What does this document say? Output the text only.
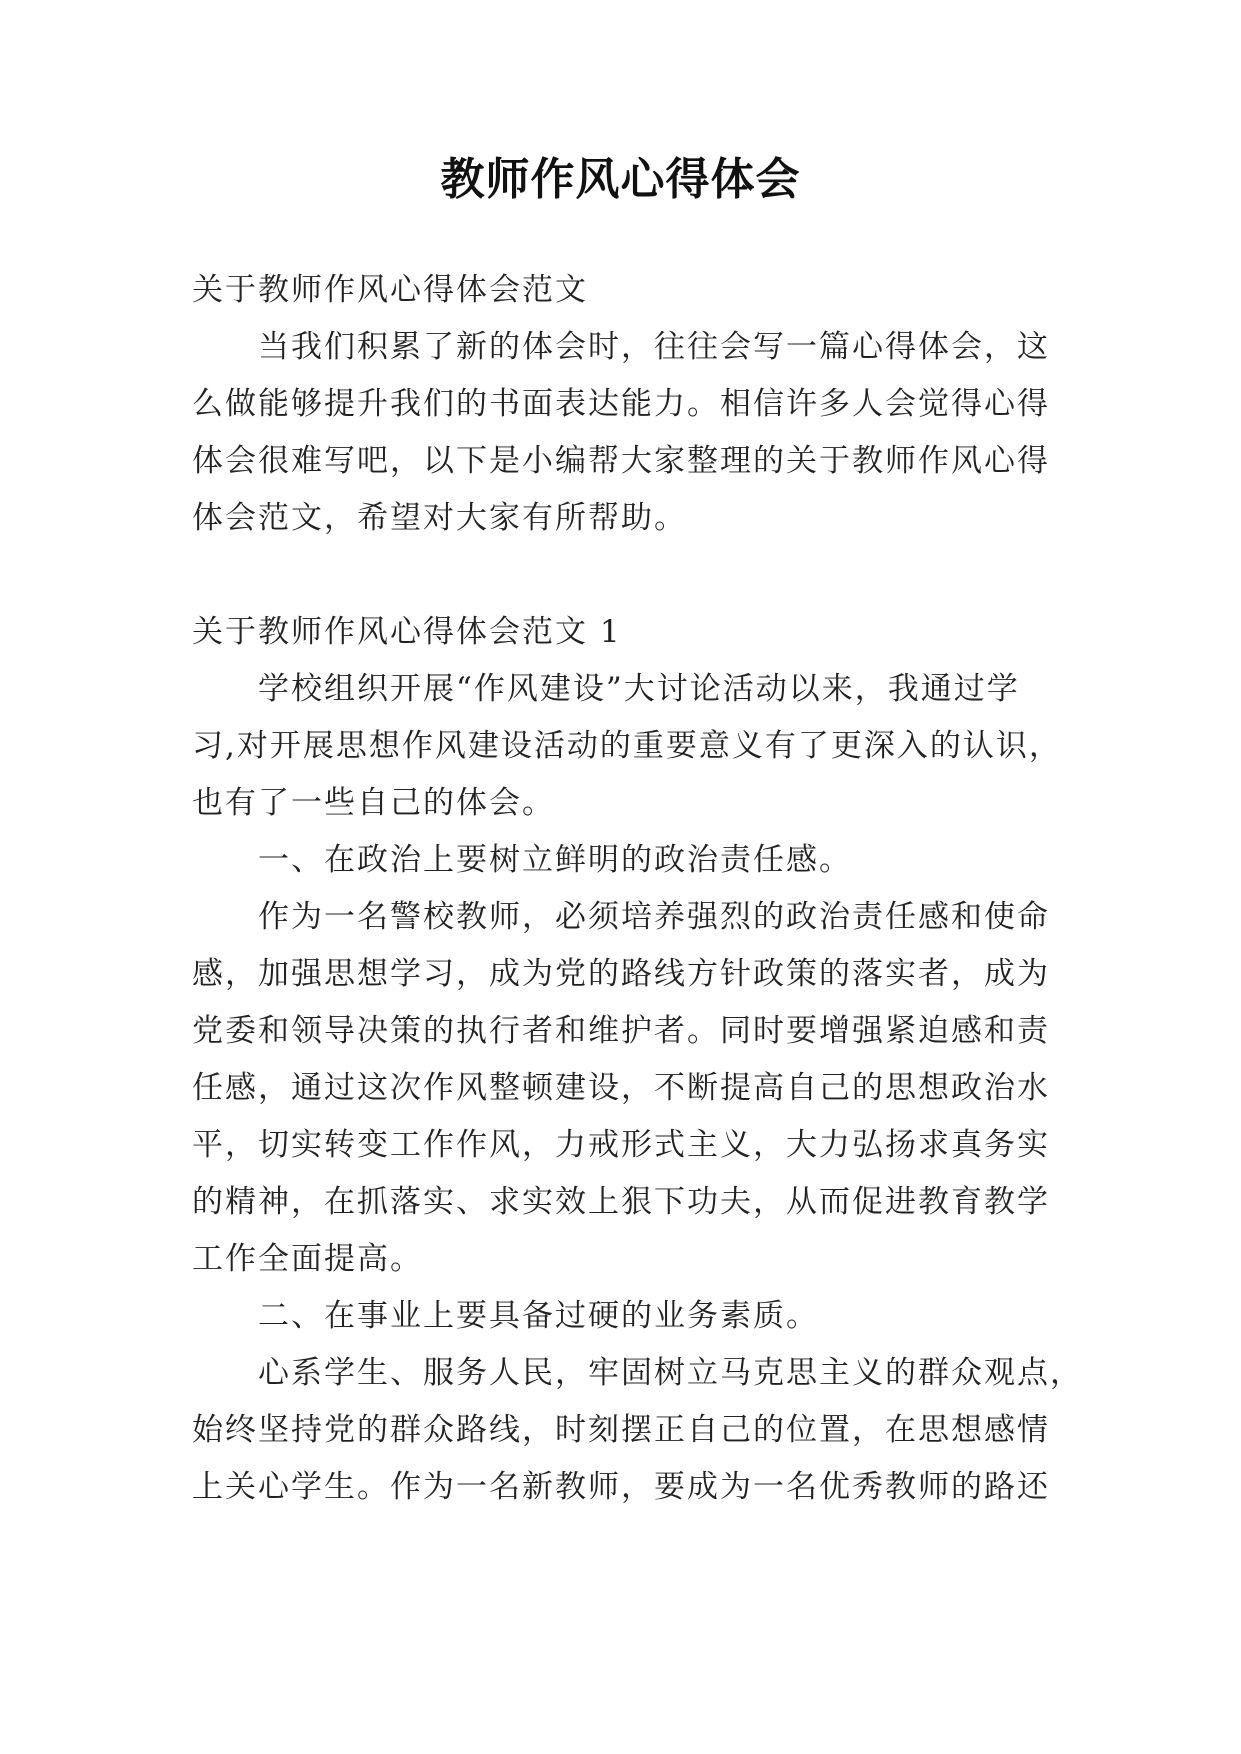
教师作风心得体会

关于教师作风心得体会范文

当我们积累了新的体会时，往往会写一篇心得体会，这

么做能够提升我们的书面表达能力。相信许多人会觉得心得

体会很难写吧，以下是小编帮大家整理的关于教师作风心得

体会范文，希望对大家有所帮助。

关于教师作风心得体会范文 1

学校组织开展“作风建设”大讨论活动以来，我通过学

习,对开展思想作风建设活动的重要意义有了更深入的认识，

也有了一些自己的体会。

一、在政治上要树立鲜明的政治责任感。

作为一名警校教师，必须培养强烈的政治责任感和使命

感，加强思想学习，成为党的路线方针政策的落实者，成为

党委和领导决策的执行者和维护者。同时要增强紧迫感和责

任感，通过这次作风整顿建设，不断提高自己的思想政治水

平，切实转变工作作风，力戒形式主义，大力弘扬求真务实

的精神，在抓落实、求实效上狠下功夫，从而促进教育教学

工作全面提高。

二、在事业上要具备过硬的业务素质。

心系学生、服务人民，牢固树立马克思主义的群众观点，

始终坚持党的群众路线，时刻摆正自己的位置，在思想感情

上关心学生。作为一名新教师，要成为一名优秀教师的路还
